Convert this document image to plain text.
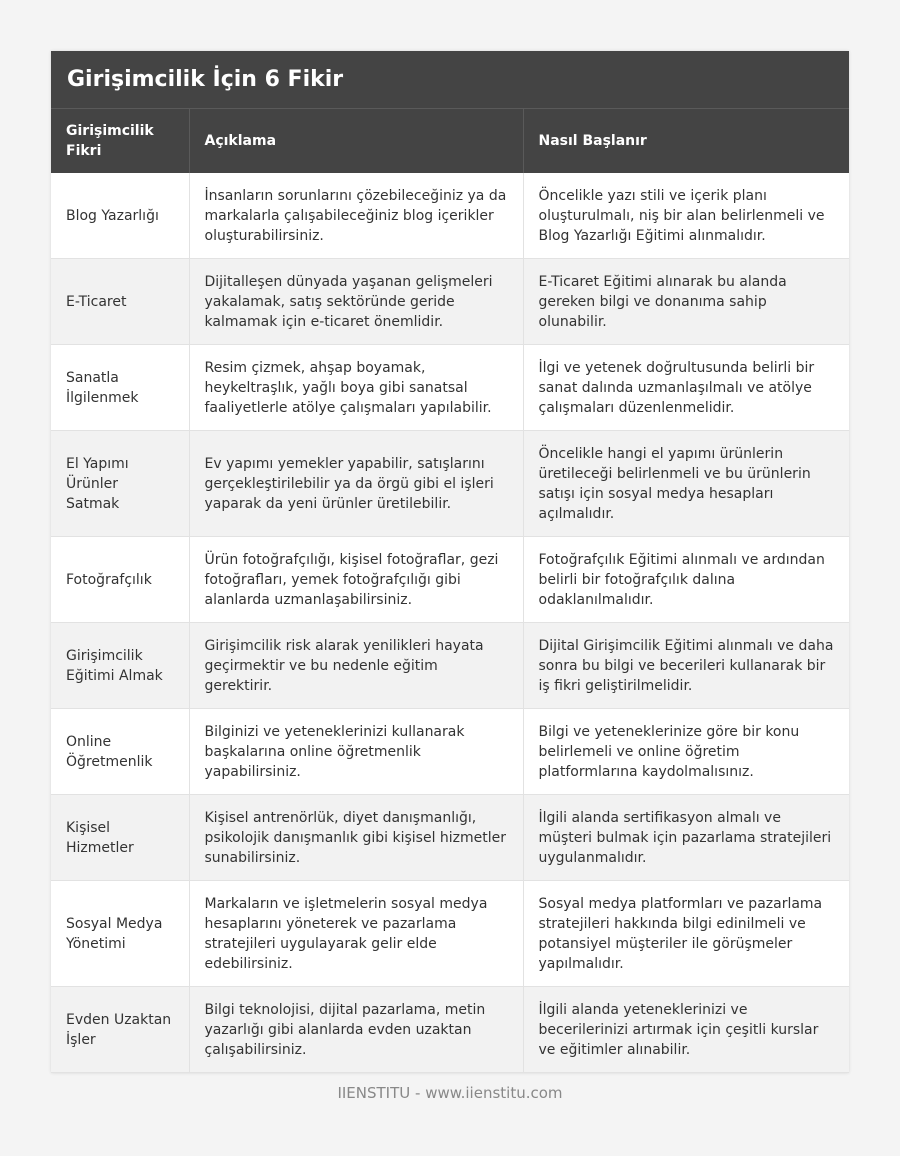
Girişimcilik İçin 6 Fikir
Girişimcilik Fikri	Açıklama	Nasıl Başlanır
Blog Yazarlığı	İnsanların sorunlarını çözebileceğiniz ya da markalarla çalışabileceğiniz blog içerikler oluşturabilirsiniz.	Öncelikle yazı stili ve içerik planı oluşturulmalı, niş bir alan belirlenmeli ve Blog Yazarlığı Eğitimi alınmalıdır.
E-Ticaret	Dijitalleşen dünyada yaşanan gelişmeleri yakalamak, satış sektöründe geride kalmamak için e-ticaret önemlidir.	E-Ticaret Eğitimi alınarak bu alanda gereken bilgi ve donanıma sahip olunabilir.
Sanatla İlgilenmek	Resim çizmek, ahşap boyamak, heykeltraşlık, yağlı boya gibi sanatsal faaliyetlerle atölye çalışmaları yapılabilir.	İlgi ve yetenek doğrultusunda belirli bir sanat dalında uzmanlaşılmalı ve atölye çalışmaları düzenlenmelidir.
El Yapımı Ürünler Satmak	Ev yapımı yemekler yapabilir, satışlarını gerçekleştirilebilir ya da örgü gibi el işleri yaparak da yeni ürünler üretilebilir.	Öncelikle hangi el yapımı ürünlerin üretileceği belirlenmeli ve bu ürünlerin satışı için sosyal medya hesapları açılmalıdır.
Fotoğrafçılık	Ürün fotoğrafçılığı, kişisel fotoğraflar, gezi fotoğrafları, yemek fotoğrafçılığı gibi alanlarda uzmanlaşabilirsiniz.	Fotoğrafçılık Eğitimi alınmalı ve ardından belirli bir fotoğrafçılık dalına odaklanılmalıdır.
Girişimcilik Eğitimi Almak	Girişimcilik risk alarak yenilikleri hayata geçirmektir ve bu nedenle eğitim gerektirir.	Dijital Girişimcilik Eğitimi alınmalı ve daha sonra bu bilgi ve becerileri kullanarak bir iş fikri geliştirilmelidir.
Online Öğretmenlik	Bilginizi ve yeteneklerinizi kullanarak başkalarına online öğretmenlik yapabilirsiniz.	Bilgi ve yeteneklerinize göre bir konu belirlemeli ve online öğretim platformlarına kaydolmalısınız.
Kişisel Hizmetler	Kişisel antrenörlük, diyet danışmanlığı, psikolojik danışmanlık gibi kişisel hizmetler sunabilirsiniz.	İlgili alanda sertifikasyon almalı ve müşteri bulmak için pazarlama stratejileri uygulanmalıdır.
Sosyal Medya Yönetimi	Markaların ve işletmelerin sosyal medya hesaplarını yöneterek ve pazarlama stratejileri uygulayarak gelir elde edebilirsiniz.	Sosyal medya platformları ve pazarlama stratejileri hakkında bilgi edinilmeli ve potansiyel müşteriler ile görüşmeler yapılmalıdır.
Evden Uzaktan İşler	Bilgi teknolojisi, dijital pazarlama, metin yazarlığı gibi alanlarda evden uzaktan çalışabilirsiniz.	İlgili alanda yeteneklerinizi ve becerilerinizi artırmak için çeşitli kurslar ve eğitimler alınabilir.
IIENSTITU - www.iienstitu.com
